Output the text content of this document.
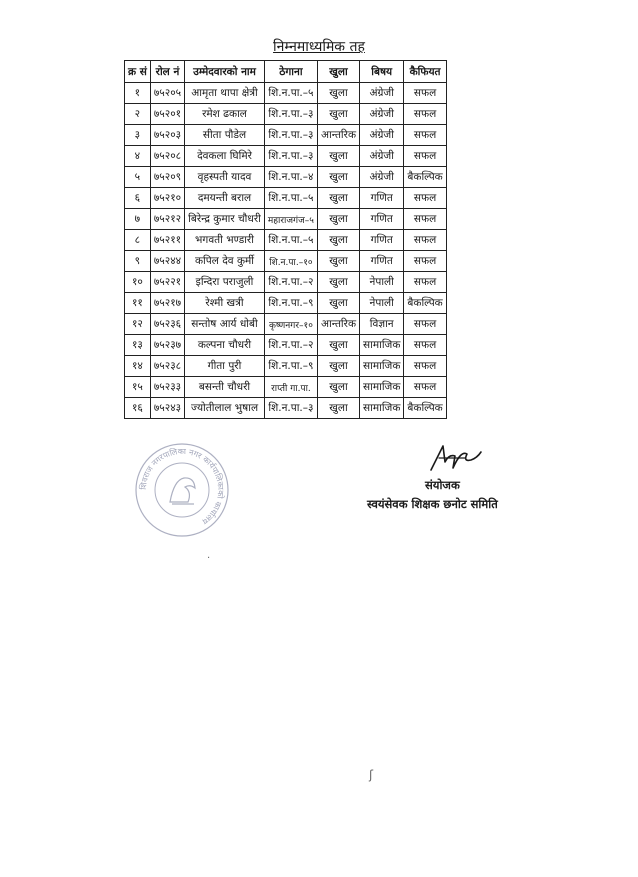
निम्नमाध्यमिक तह
क्र सं	रोल नं	उम्मेदवारको नाम	ठेगाना	खुला	बिषय	कैफियत
१	७५२०५	आमृता थापा क्षेत्री	शि.न.पा.–५	खुला	अंग्रेजी	सफल
२	७५२०१	रमेश ढकाल	शि.न.पा.–३	खुला	अंग्रेजी	सफल
३	७५२०३	सीता पौडेल	शि.न.पा.–३	आन्तरिक	अंग्रेजी	सफल
४	७५२०८	देवकला घिमिरे	शि.न.पा.–३	खुला	अंग्रेजी	सफल
५	७५२०९	वृहस्पती यादव	शि.न.पा.–४	खुला	अंग्रेजी	बैकल्पिक
६	७५२१०	दमयन्ती बराल	शि.न.पा.–५	खुला	गणित	सफल
७	७५२१२	बिरेन्द्र कुमार चौधरी	महाराजगंज–५	खुला	गणित	सफल
८	७५२११	भगवती भण्डारी	शि.न.पा.–५	खुला	गणित	सफल
९	७५२४४	कपिल देव कुर्मी	शि.न.पा.–१०	खुला	गणित	सफल
१०	७५२२१	इन्दिरा पराजुली	शि.न.पा.–२	खुला	नेपाली	सफल
११	७५२१७	रेश्मी खत्री	शि.न.पा.–९	खुला	नेपाली	बैकल्पिक
१२	७५२३६	सन्तोष आर्य धोबी	कृष्णनगर–१०	आन्तरिक	विज्ञान	सफल
१३	७५२३७	कल्पना चौधरी	शि.न.पा.–२	खुला	सामाजिक	सफल
१४	७५२३८	गीता पुरी	शि.न.पा.–९	खुला	सामाजिक	सफल
१५	७५२३३	बसन्ती चौधरी	राप्ती गा.पा.	खुला	सामाजिक	सफल
१६	७५२४३	ज्योतीलाल भुषाल	शि.न.पा.–३	खुला	सामाजिक	बैकल्पिक
शिवराज नगरपालिका नगर कार्यपालिकाको कार्यालय
संयोजक
स्वयंसेवक शिक्षक छनोट समिति
·
ʃ
